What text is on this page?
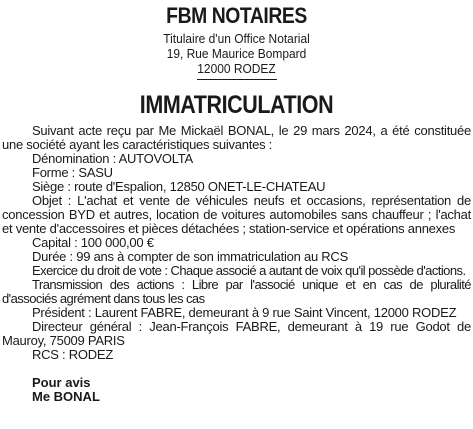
FBM NOTAIRES
Titulaire d'un Office Notarial
19, Rue Maurice Bompard
12000 RODEZ
IMMATRICULATION

Suivant acte reçu par Me Mickaël BONAL, le 29 mars 2024, a été constituée une société ayant les caractéristiques suivantes :

Dénomination : AUTOVOLTA

Forme : SASU

Siège : route d'Espalion, 12850 ONET-LE-CHATEAU

Objet : L'achat et vente de véhicules neufs et occasions, représentation de concession BYD et autres, location de voitures automobiles sans chauffeur ; l'achat et vente d'accessoires et pièces détachées ; station-service et opérations annexes

Capital : 100 000,00 €

Durée : 99 ans à compter de son immatriculation au RCS

Exercice du droit de vote : Chaque associé a autant de voix qu'il possède d'actions.

Transmission des actions : Libre par l'associé unique et en cas de pluralité d'associés agrément dans tous les cas

Président : Laurent FABRE, demeurant à 9 rue Saint Vincent, 12000 RODEZ

Directeur général : Jean-François FABRE, demeurant à 19 rue Godot de Mauroy, 75009 PARIS

RCS : RODEZ

Pour avis
Me BONAL
